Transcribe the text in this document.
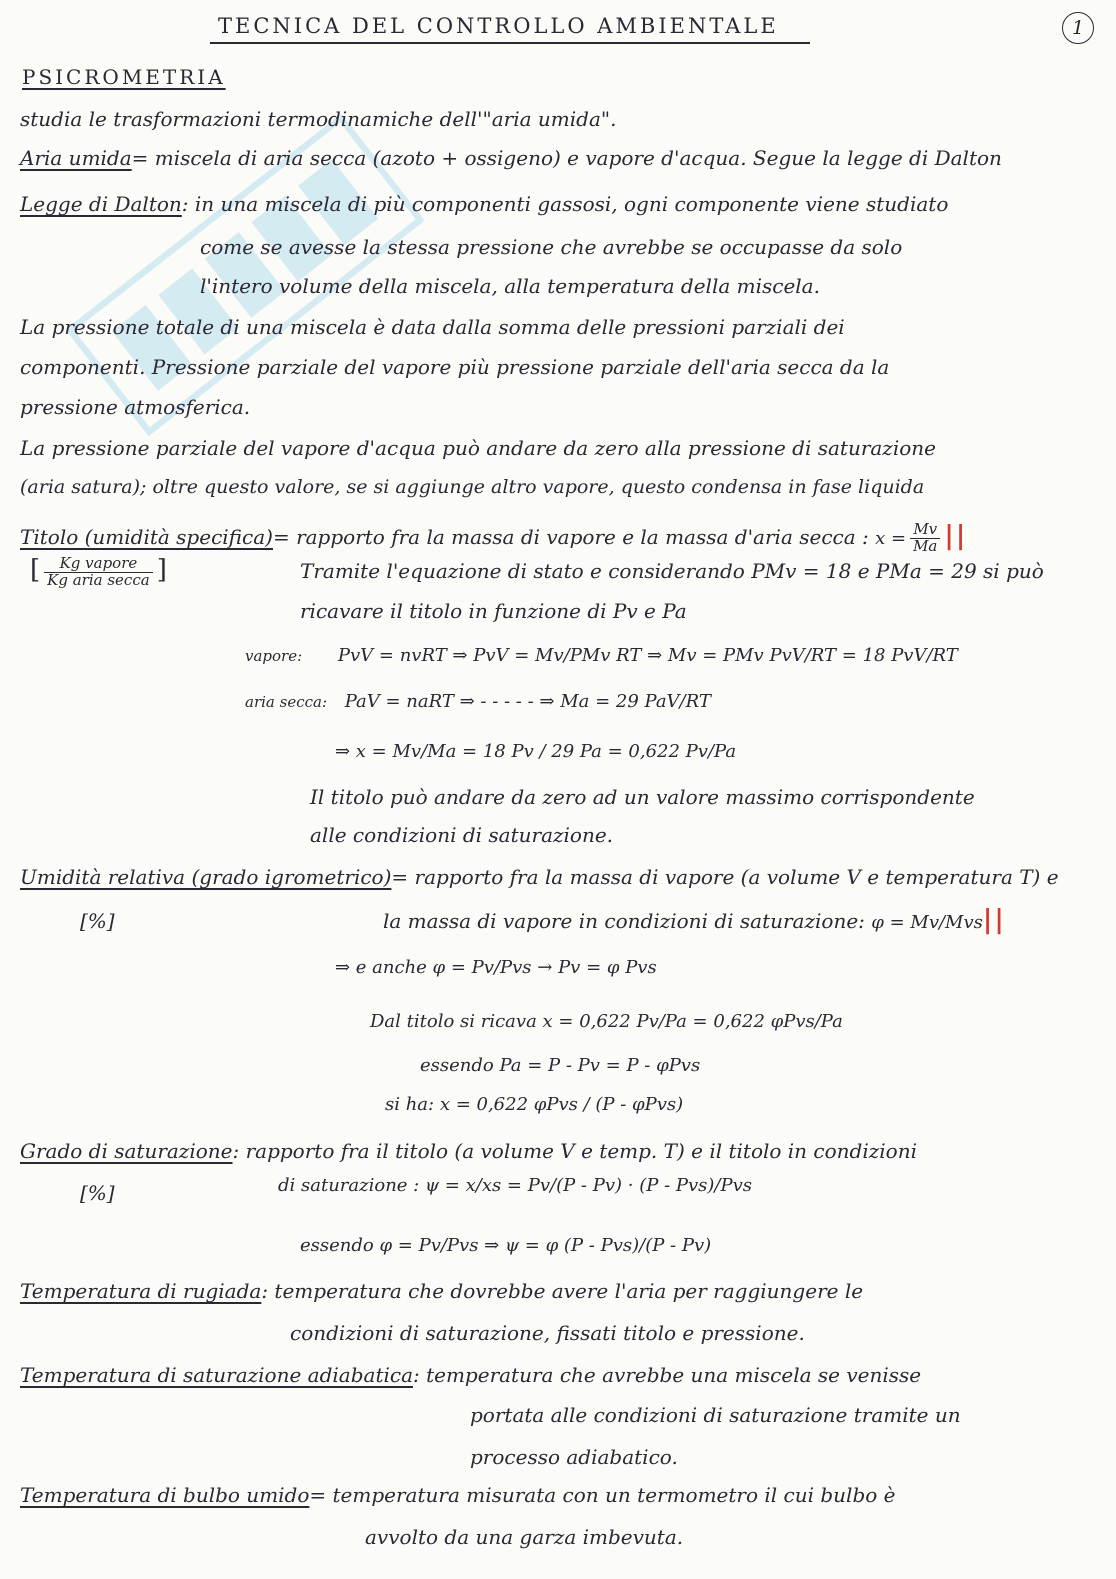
TECNICA DEL CONTROLLO AMBIENTALE	1
PSICROMETRIA
studia le trasformazioni termodinamiche dell'"aria umida".
Aria umida= miscela di aria secca (azoto + ossigeno) e vapore d'acqua. Segue la legge di Dalton
Legge di Dalton: in una miscela di più componenti gassosi, ogni componente viene studiato
come se avesse la stessa pressione che avrebbe se occupasse da solo
l'intero volume della miscela, alla temperatura della miscela.
La pressione totale di una miscela è data dalla somma delle pressioni parziali dei
componenti. Pressione parziale del vapore più pressione parziale dell'aria secca da la
pressione atmosferica.
La pressione parziale del vapore d'acqua può andare da zero alla pressione di saturazione
(aria satura); oltre questo valore, se si aggiunge altro vapore, questo condensa in fase liquida
Titolo (umidità specifica)= rapporto fra la massa di vapore e la massa d'aria secca : $x = \frac{Mv}{Ma}$ ||
[ $\frac{\text{Kg vapore}}{\text{Kg aria secca}}$ ]	Tramite l'equazione di stato e considerando PMv = 18 e PMa = 29 si può
ricavare il titolo in funzione di Pv e Pa
vapore: PvV = nvRT ⇒ PvV = Mv/PMv RT ⇒ Mv = PMv PvV/RT = 18 PvV/RT
aria secca: PaV = naRT ⇒ - - - - - ⇒ Ma = 29 PaV/RT
⇒ x = Mv/Ma = 18 Pv / 29 Pa = 0,622 Pv/Pa
Il titolo può andare da zero ad un valore massimo corrispondente
alle condizioni di saturazione.
Umidità relativa (grado igrometrico)= rapporto fra la massa di vapore (a volume V e temperatura T) e
[%]	la massa di vapore in condizioni di saturazione: φ = Mv/Mvs||
⇒ e anche φ = Pv/Pvs → Pv = φ Pvs
Dal titolo si ricava x = 0,622 Pv/Pa = 0,622 φPvs/Pa
essendo Pa = P - Pv = P - φPvs
si ha: x = 0,622 φPvs / (P - φPvs)
Grado di saturazione: rapporto fra il titolo (a volume V e temp. T) e il titolo in condizioni
[%]	di saturazione : ψ = x/xs = Pv/(P - Pv) · (P - Pvs)/Pvs
essendo φ = Pv/Pvs ⇒ ψ = φ (P - Pvs)/(P - Pv)
Temperatura di rugiada: temperatura che dovrebbe avere l'aria per raggiungere le
condizioni di saturazione, fissati titolo e pressione.
Temperatura di saturazione adiabatica: temperatura che avrebbe una miscela se venisse
portata alle condizioni di saturazione tramite un
processo adiabatico.
Temperatura di bulbo umido= temperatura misurata con un termometro il cui bulbo è
avvolto da una garza imbevuta.
